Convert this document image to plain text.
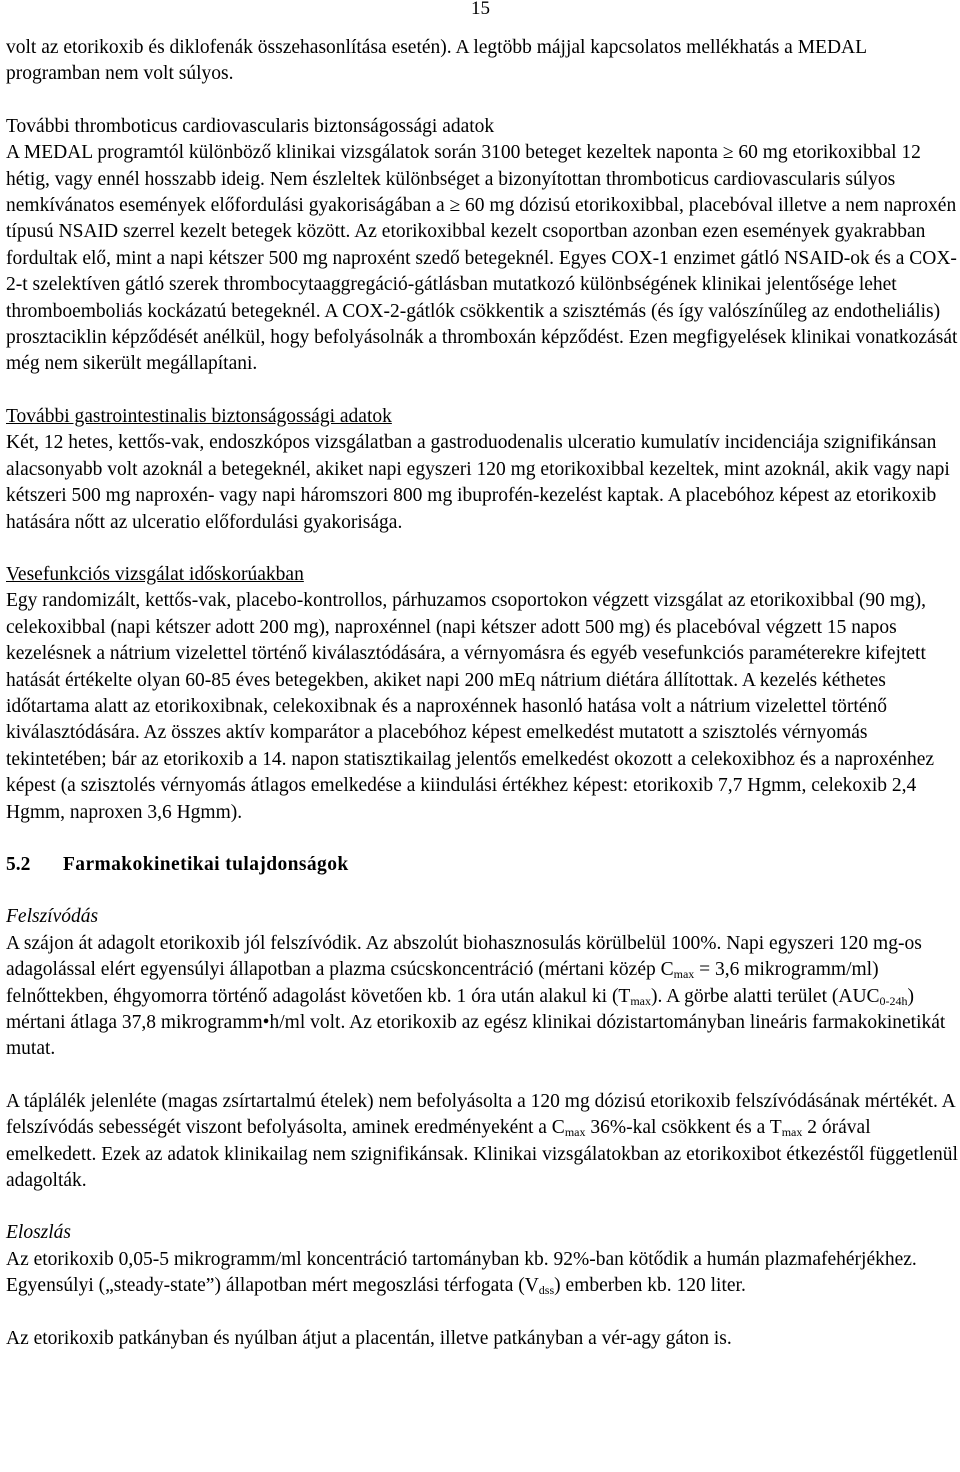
15

volt az etorikoxib és diklofenák összehasonlítása esetén). A legtöbb májjal kapcsolatos mellékhatás a MEDAL programban nem volt súlyos.

További thromboticus cardiovascularis biztonságossági adatok

A MEDAL programtól különböző klinikai vizsgálatok során 3100 beteget kezeltek naponta ≥ 60 mg etorikoxibbal 12 hétig, vagy ennél hosszabb ideig. Nem észleltek különbséget a bizonyítottan thromboticus cardiovascularis súlyos nemkívánatos események előfordulási gyakoriságában a ≥ 60 mg dózisú etorikoxibbal, placebóval illetve a nem naproxén típusú NSAID szerrel kezelt betegek között. Az etorikoxibbal kezelt csoportban azonban ezen események gyakrabban fordultak elő, mint a napi kétszer 500 mg naproxént szedő betegeknél. Egyes COX-1 enzimet gátló NSAID-ok és a COX-2-t szelektíven gátló szerek thrombocytaaggregáció-gátlásban mutatkozó különbségének klinikai jelentősége lehet thromboemboliás kockázatú betegeknél. A COX-2-gátlók csökkentik a szisztémás (és így valószínűleg az endotheliális) prosztaciklin képződését anélkül, hogy befolyásolnák a thromboxán képződést. Ezen megfigyelések klinikai vonatkozását még nem sikerült megállapítani.

További gastrointestinalis biztonságossági adatok

Két, 12 hetes, kettős-vak, endoszkópos vizsgálatban a gastroduodenalis ulceratio kumulatív incidenciája szignifikánsan alacsonyabb volt azoknál a betegeknél, akiket napi egyszeri 120 mg etorikoxibbal kezeltek, mint azoknál, akik vagy napi kétszeri 500 mg naproxén- vagy napi háromszori 800 mg ibuprofén-kezelést kaptak. A placebóhoz képest az etorikoxib hatására nőtt az ulceratio előfordulási gyakorisága.

Vesefunkciós vizsgálat időskorúakban

Egy randomizált, kettős-vak, placebo-kontrollos, párhuzamos csoportokon végzett vizsgálat az etorikoxibbal (90 mg), celekoxibbal (napi kétszer adott 200 mg), naproxénnel (napi kétszer adott 500 mg) és placebóval végzett 15 napos kezelésnek a nátrium vizelettel történő kiválasztódására, a vérnyomásra és egyéb vesefunkciós paraméterekre kifejtett hatását értékelte olyan 60-85 éves betegekben, akiket napi 200 mEq nátrium diétára állítottak. A kezelés kéthetes időtartama alatt az etorikoxibnak, celekoxibnak és a naproxénnek hasonló hatása volt a nátrium vizelettel történő kiválasztódására. Az összes aktív komparátor a placebóhoz képest emelkedést mutatott a szisztolés vérnyomás tekintetében; bár az etorikoxib a 14. napon statisztikailag jelentős emelkedést okozott a celekoxibhoz és a naproxénhez képest (a szisztolés vérnyomás átlagos emelkedése a kiindulási értékhez képest: etorikoxib 7,7 Hgmm, celekoxib 2,4 Hgmm, naproxen 3,6 Hgmm).

5.2 Farmakokinetikai tulajdonságok

Felszívódás

A szájon át adagolt etorikoxib jól felszívódik. Az abszolút biohasznosulás körülbelül 100%. Napi egyszeri 120 mg-os adagolással elért egyensúlyi állapotban a plazma csúcskoncentráció (mértani közép $C_{max} = 3,6$ mikrogramm/ml) felnőttekben, éhgyomorra történő adagolást követően kb. 1 óra után alakul ki $(T_{max})$. A görbe alatti terület $(AUC_{0-24h})$ mértani átlaga 37,8 mikrogramm•h/ml volt. Az etorikoxib az egész klinikai dózistartományban lineáris farmakokinetikát mutat.

A táplálék jelenléte (magas zsírtartalmú ételek) nem befolyásolta a 120 mg dózisú etorikoxib felszívódásának mértékét. A felszívódás sebességét viszont befolyásolta, aminek eredményeként a $C_{max}$ 36%-kal csökkent és a $T_{max}$ 2 órával emelkedett. Ezek az adatok klinikailag nem szignifikánsak. Klinikai vizsgálatokban az etorikoxibot étkezéstől függetlenül adagolták.

Eloszlás

Az etorikoxib 0,05-5 mikrogramm/ml koncentráció tartományban kb. 92%-ban kötődik a humán plazmafehérjékhez. Egyensúlyi („steady-state”) állapotban mért megoszlási térfogata $(V_{dss})$ emberben kb. 120 liter.

Az etorikoxib patkányban és nyúlban átjut a placentán, illetve patkányban a vér-agy gáton is.
